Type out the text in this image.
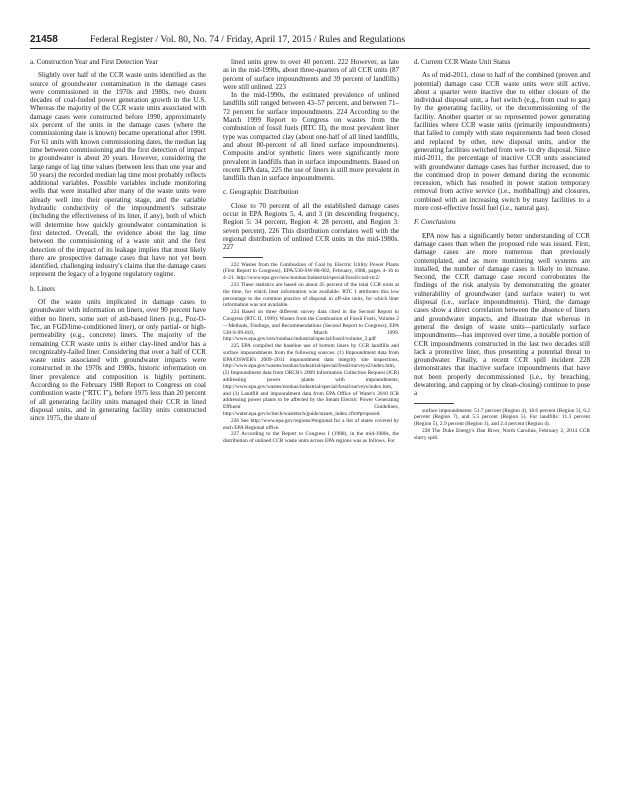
21458	Federal Register / Vol. 80, No. 74 / Friday, April 17, 2015 / Rules and Regulations

a. Construction Year and First Detection Year

Slightly over half of the CCR waste units identified as the source of groundwater contamination in the damage cases were commissioned in the 1970s and 1980s, two dozen decades of coal-fueled power generation growth in the U.S. Whereas the majority of the CCR waste units associated with damage cases were constructed before 1990, approximately six percent of the units in the damage cases (where the commissioning date is known) became operational after 1990. For 61 units with known commissioning dates, the median lag time between commissioning and the first detection of impact to groundwater is about 20 years. However, considering the large range of lag time values (between less than one year and 50 years) the recorded median lag time most probably reflects additional variables. Possible variables include monitoring wells that were installed after many of the waste units were already well into their operating stage, and the variable hydraulic conductivity of the impoundment's substrate (including the effectiveness of its liner, if any), both of which will determine how quickly groundwater contamination is first detected. Overall, the evidence about the lag time between the commissioning of a waste unit and the first detection of the impact of its leakage implies that most likely there are prospective damage cases that have not yet been identified, challenging industry's claims that the damage cases represent the legacy of a bygone regulatory regime.

b. Liners

Of the waste units implicated in damage cases to groundwater with information on liners, over 90 percent have either no liners, some sort of ash-based liners (e.g., Poz-O-Tec, an FGD/lime-conditioned liner), or only partial- or high-permeability (e.g., concrete) liners. The majority of the remaining CCR waste units is either clay-lined and/or has a recognizably-failed liner. Considering that over a half of CCR waste units associated with groundwater impacts were constructed in the 1970s and 1980s, historic information on liner prevalence and composition is highly pertinent. According to the February 1988 Report to Congress on coal combustion waste (“RTC I”), before 1975 less than 20 percent of all generating facility units managed their CCR in lined disposal units, and in generating facility units constructed since 1975, the share of

lined units grew to over 40 percent. 222 However, as late as in the mid-1990s, about three-quarters of all CCR units (87 percent of surface impoundments and 39 percent of landfills) were still unlined. 223

In the mid-1990s, the estimated prevalence of unlined landfills still ranged between 43–57 percent, and between 71–72 percent for surface impoundments. 224 According to the March 1999 Report to Congress on wastes from the combustion of fossil fuels (RTC II), the most prevalent liner type was compacted clay (about one-half of all lined landfills, and about 80-percent of all lined surface impoundments). Composite and/or synthetic liners were significantly more prevalent in landfills than in surface impoundments. Based on recent EPA data, 225 the use of liners is still more prevalent in landfills than in surface impoundments.

c. Geographic Distribution

Close to 70 percent of all the established damage cases occur in EPA Regions 5, 4, and 3 (in descending frequency, Region 5: 34 percent, Region 4: 28 percent, and Region 3: seven percent). 226 This distribution correlates well with the regional distribution of unlined CCR units in the mid-1980s. 227

222 Wastes from the Combustion of Coal by Electric Utility Power Plants (First Report to Congress), EPA/530-SW-88-002, February, 1988, pages 4–16 to 4–21. http://www.epa.gov/osw/nonhaz/industrial/special/fossil/coal-rtc2/

223 These statistics are based on about 45 percent of the total CCR units at the time, for which liner information was available. RTC I attributes this low percentage to the common practice of disposal in off-site units, for which liner information was not available.

224 Based on three different survey data cited in the Second Report to Congress (RTC II, 1999): Wastes from the Combustion of Fossil Fuels, Volume 2—Methods, Findings, and Recommendations (Second Report to Congress), EPA 530-S-99-010, March 1999. http://www.epa.gov/osw/nonhaz/industrial/special/fossil/volume_2.pdf

225 EPA compiled the baseline use of bottom liners by CCR landfills and surface impoundments from the following sources: (1) Impoundment data from EPA/OSWER's 2009–2011 impoundment dam integrity site inspections, http://www.epa.gov/wastes/nonhaz/industrial/special/fossil/surveys2/index.htm, (2) Impoundment data from ORCR's 2009 Information Collection Request (ICR) addressing power plants with impoundments, http://www.epa.gov/wastes/nonhaz/industrial/special/fossil/surveys/index.htm, and (3) Landfill and impoundment data from EPA Office of Water's 2010 ICR addressing power plants to be affected by the Steam Electric Power Generating Effluent Guidelines, http://water.epa.gov/scitech/wastetech/guide/steam_index.cfm#proposed.

226 See http://www.epa.gov/regions/#regional for a list of states covered by each EPA Regional office.

227 According to the Report to Congress I (1988), in the mid-1980s, the distribution of unlined CCR waste units across EPA regions was as follows. For

d. Current CCR Waste Unit Status

As of mid-2011, close to half of the combined (proven and potential) damage case CCR waste units were still active, about a quarter were inactive due to either closure of the individual disposal unit, a fuel switch (e.g., from coal to gas) by the generating facility, or the decommissioning of the facility. Another quarter or so represented power generating facilities where CCR waste units (primarily impoundments) that failed to comply with state requirements had been closed and replaced by other, new disposal units, and/or the generating facilities switched from wet- to dry disposal. Since mid-2011, the percentage of inactive CCR units associated with groundwater damage cases has further increased, due to the continued drop in power demand during the economic recession, which has resulted in power station temporary removal from active service (i.e., mothballing) and closures, combined with an increasing switch by many facilities to a more cost-effective fossil fuel (i.e., natural gas).

F. Conclusions

EPA now has a significantly better understanding of CCR damage cases than when the proposed rule was issued. First, damage cases are more numerous than previously contemplated, and as more monitoring well systems are installed, the number of damage cases is likely to increase. Second, the CCR damage case record corroborates the findings of the risk analysis by demonstrating the greater vulnerability of groundwater (and surface water) to wet disposal (i.e., surface impoundments). Third, the damage cases show a direct correlation between the absence of liners and groundwater impacts, and illustrate that whereas in general the design of waste units—particularly surface impoundments—has improved over time, a notable portion of CCR impoundments constructed in the last two decades still lack a protective liner, thus presenting a potential threat to groundwater. Finally, a recent CCR spill incident 228 demonstrates that inactive surface impoundments that have not been properly decommissioned (i.e., by breaching, dewatering, and capping or by clean-closing) continue to pose a

surface impoundments: 51.7 percent (Region 4), 18.6 percent (Region 3), 6.2 percent (Region 7), and 5.5 percent (Region 5). For landfills: 11.3 percent (Region 5), 2.9 percent (Region 3), and 2.4 percent (Region 4).

228 The Duke Energy's Dan River, North Carolina, February 2, 2014 CCR slurry spill.
